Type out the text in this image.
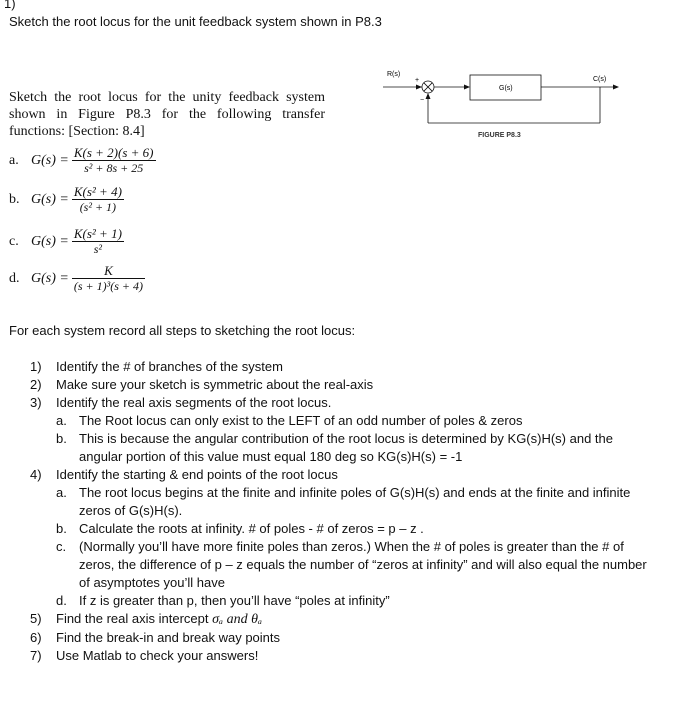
1)
Sketch the root locus for the unit feedback system shown in P8.3
Sketch the root locus for the unity feedback system shown in Figure P8.3 for the following transfer functions: [Section: 8.4]
a. $G(s) = \frac{K(s + 2)(s + 6)}{\text{s² + 8s + 25}}$
b. $G(s) = \frac{\text{K(s² + 4)}}{\text{(s² + 1)}}$
c. $G(s) = \frac{\text{K(s² + 1)}}{\text{s²}}$
d. $G(s) = \frac{K}{\text{(s + 1)³(s + 4)}}$
R(s)
+
−
G(s)
C(s)
FIGURE P8.3
For each system record all steps to sketching the root locus:
1) Identify the # of branches of the system
2) Make sure your sketch is symmetric about the real-axis
3) Identify the real axis segments of the root locus.
a. The Root locus can only exist to the LEFT of an odd number of poles & zeros
b. This is because the angular contribution of the root locus is determined by KG(s)H(s) and the angular portion of this value must equal 180 deg so KG(s)H(s) = -1
4) Identify the starting & end points of the root locus
a. The root locus begins at the finite and infinite poles of G(s)H(s) and ends at the finite and infinite zeros of G(s)H(s).
b. Calculate the roots at infinity. # of poles - # of zeros = p – z .
c. (Normally you’ll have more finite poles than zeros.) When the # of poles is greater than the # of zeros, the difference of p – z equals the number of “zeros at infinity” and will also equal the number of asymptotes you’ll have
d. If z is greater than p, then you’ll have “poles at infinity”
5) Find the real axis intercept σₐ and θₐ
6) Find the break-in and break way points
7) Use Matlab to check your answers!
